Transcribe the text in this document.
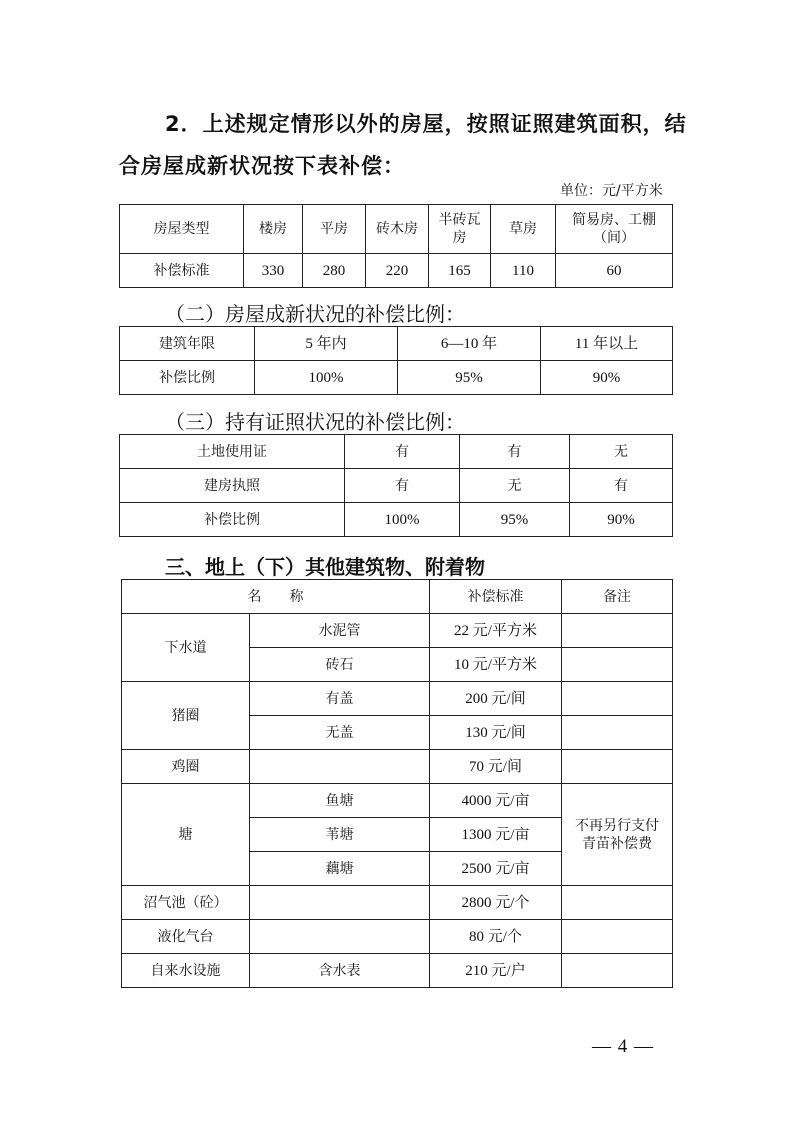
2．上述规定情形以外的房屋，按照证照建筑面积，结
合房屋成新状况按下表补偿：
单位：元/平方米
房屋类型	楼房	平房	砖木房	半砖瓦房	草房	简易房、工棚（间）
补偿标准	330	280	220	165	110	60
（二）房屋成新状况的补偿比例：
建筑年限	5 年内	6—10 年	11 年以上
补偿比例	100%	95%	90%
（三）持有证照状况的补偿比例：
土地使用证	有	有	无
建房执照	有	无	有
补偿比例	100%	95%	90%
三、地上（下）其他建筑物、附着物
名　　称		补偿标准	备注
下水道	水泥管	22 元/平方米	
	砖石	10 元/平方米	
猪圈	有盖	200 元/间	
	无盖	130 元/间	
鸡圈		70 元/间	
塘	鱼塘	4000 元/亩	不再另行支付青苗补偿费
	苇塘	1300 元/亩	
	藕塘	2500 元/亩	
沼气池（砼）		2800 元/个	
液化气台		80 元/个	
自来水设施	含水表	210 元/户	
— 4 —
